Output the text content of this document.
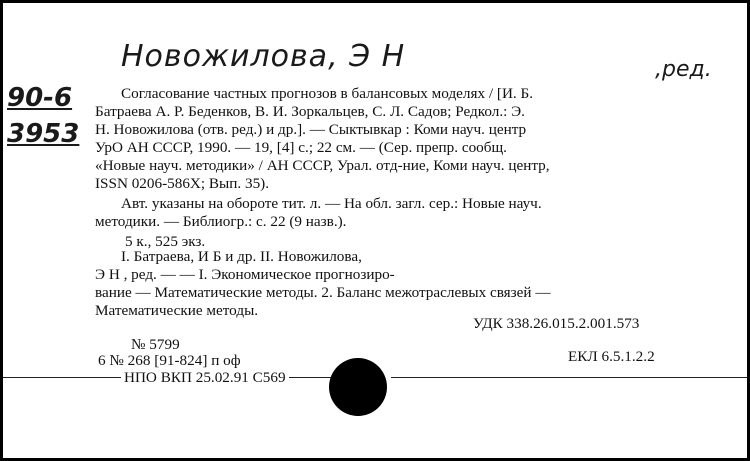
Новожилова, Э Н	,ред.
90-6
3953
Согласование частных прогнозов в балансовых моделях / [И. Б.
Батраева А. Р. Беденков, В. И. Зоркальцев, С. Л. Садов; Редкол.: Э.
Н. Новожилова (отв. ред.) и др.]. — Сыктывкар : Коми науч. центр
УрО АН СССР, 1990. — 19, [4] с.; 22 см. — (Сер. препр. сообщ.
«Новые науч. методики» / АН СССР, Урал. отд-ние, Коми науч. центр,
ISSN 0206-586X; Вып. 35).
Авт. указаны на обороте тит. л. — На обл. загл. сер.: Новые науч.
методики. — Библиогр.: с. 22 (9 назв.).
5 к., 525 экз.
I. Батраева, И Б и др. II. Новожилова,
Э Н , ред. — — I. Экономическое прогнозиро-
вание — Математические методы. 2. Баланс межотраслевых связей —
Математические методы.
УДК 338.26.015.2.001.573
№ 5799
6 № 268 [91-824] п оф	ЕКЛ 6.5.1.2.2
НПО ВКП 25.02.91 С569
